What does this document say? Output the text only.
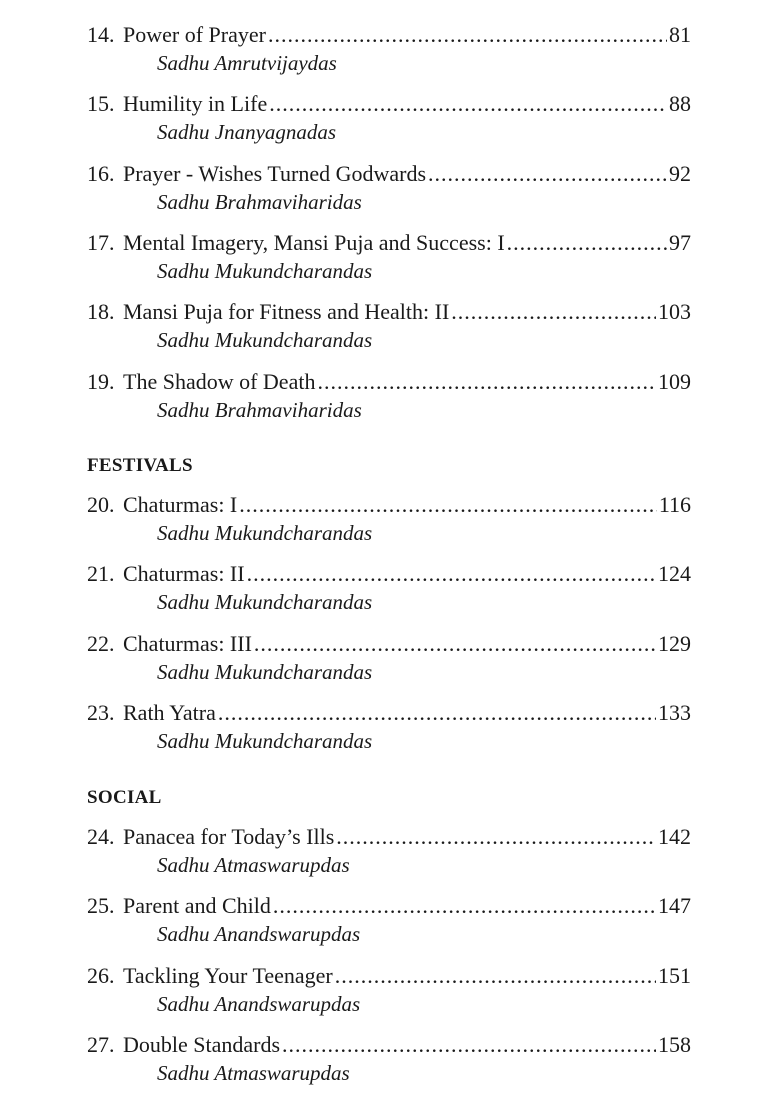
14. Power of Prayer .....	81
Sadhu Amrutvijaydas
15. Humility in Life .....	88
Sadhu Jnanyagnadas
16. Prayer - Wishes Turned Godwards .....	92
Sadhu Brahmaviharidas
17. Mental Imagery, Mansi Puja and Success: I .....	97
Sadhu Mukundcharandas
18. Mansi Puja for Fitness and Health: II .....	103
Sadhu Mukundcharandas
19. The Shadow of Death .....	109
Sadhu Brahmaviharidas
FESTIVALS
20. Chaturmas: I .....	116
Sadhu Mukundcharandas
21. Chaturmas: II .....	124
Sadhu Mukundcharandas
22. Chaturmas: III .....	129
Sadhu Mukundcharandas
23. Rath Yatra .....	133
Sadhu Mukundcharandas
SOCIAL
24. Panacea for Today’s Ills .....	142
Sadhu Atmaswarupdas
25. Parent and Child .....	147
Sadhu Anandswarupdas
26. Tackling Your Teenager .....	151
Sadhu Anandswarupdas
27. Double Standards .....	158
Sadhu Atmaswarupdas
